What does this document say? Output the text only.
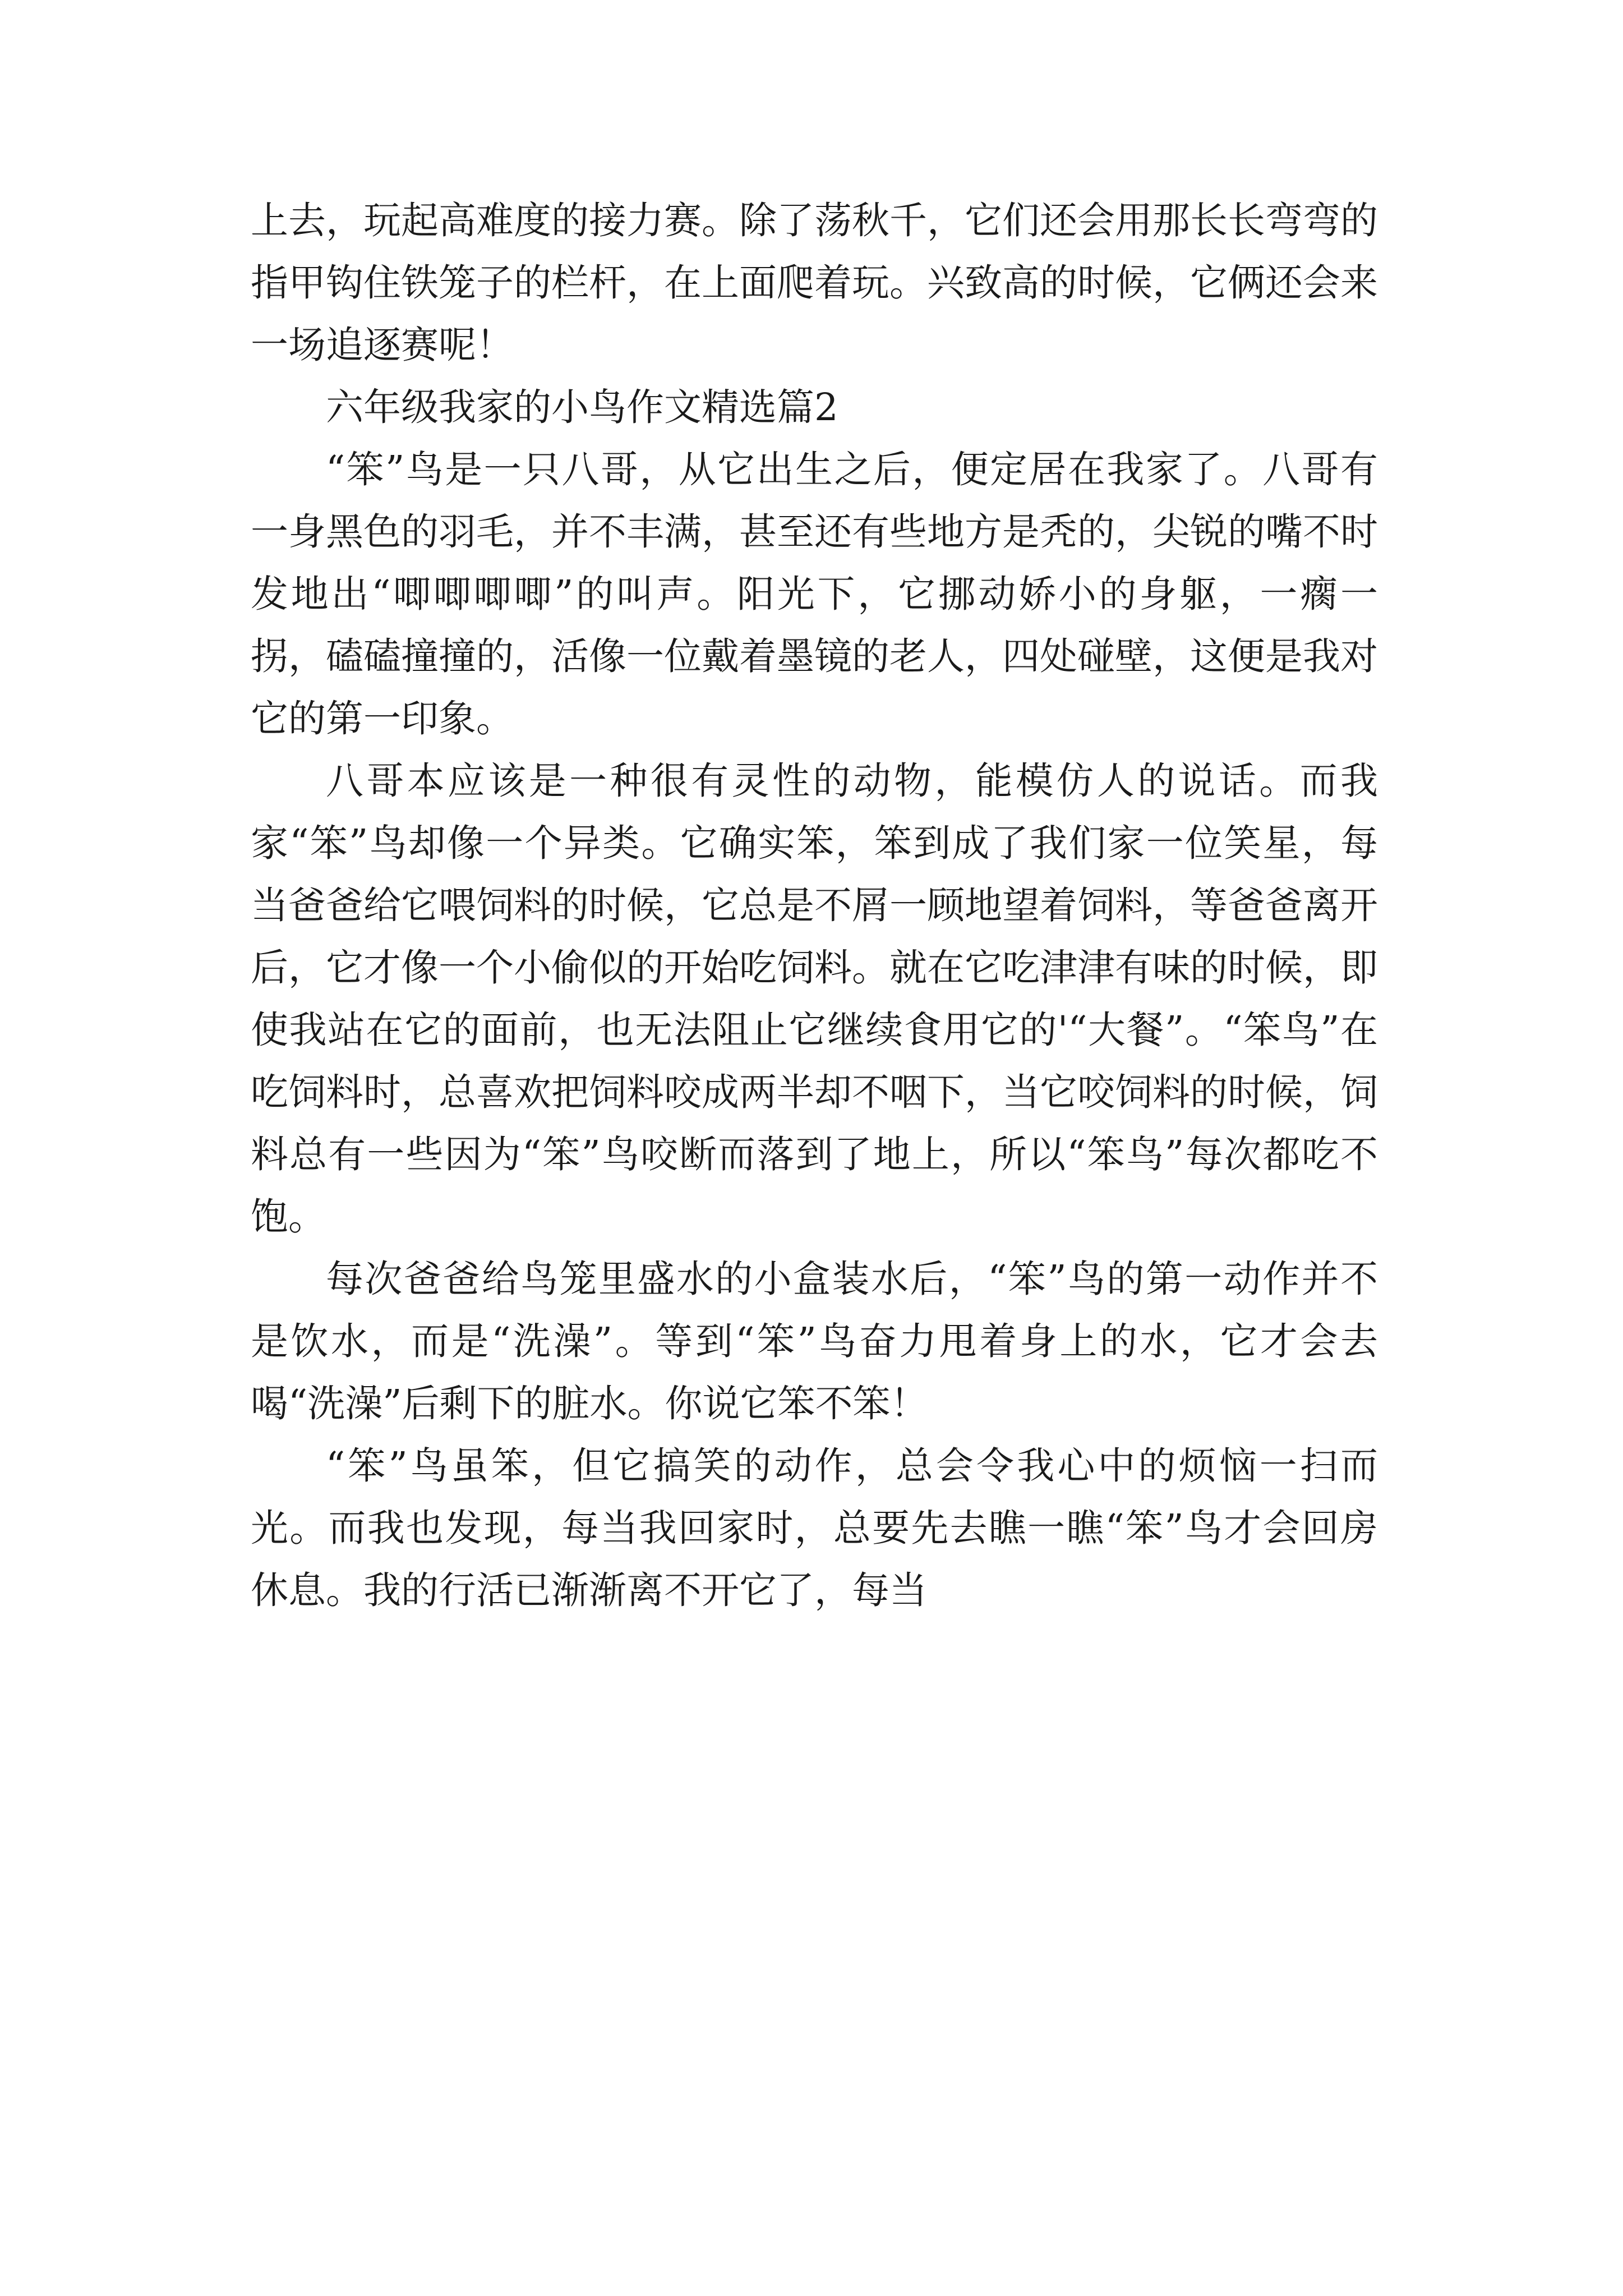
上去，玩起高难度的接力赛。除了荡秋千，它们还会用那长长弯弯的指甲钩住铁笼子的栏杆，在上面爬着玩。兴致高的时候，它俩还会来一场追逐赛呢！

六年级我家的小鸟作文精选篇2

“笨”鸟是一只八哥，从它出生之后，便定居在我家了。八哥有一身黑色的羽毛，并不丰满，甚至还有些地方是秃的，尖锐的嘴不时发地出“唧唧唧唧”的叫声。阳光下，它挪动娇小的身躯，一瘸一拐，磕磕撞撞的，活像一位戴着墨镜的老人，四处碰壁，这便是我对它的第一印象。

八哥本应该是一种很有灵性的动物，能模仿人的说话。而我家“笨”鸟却像一个异类。它确实笨，笨到成了我们家一位笑星，每当爸爸给它喂饲料的时候，它总是不屑一顾地望着饲料，等爸爸离开后，它才像一个小偷似的开始吃饲料。就在它吃津津有味的时候，即使我站在它的面前，也无法阻止它继续食用它的'“大餐”。“笨鸟”在吃饲料时，总喜欢把饲料咬成两半却不咽下，当它咬饲料的时候，饲料总有一些因为“笨”鸟咬断而落到了地上，所以“笨鸟”每次都吃不饱。

每次爸爸给鸟笼里盛水的小盒装水后，“笨”鸟的第一动作并不是饮水，而是“洗澡”。等到“笨”鸟奋力甩着身上的水，它才会去喝“洗澡”后剩下的脏水。你说它笨不笨！

“笨”鸟虽笨，但它搞笑的动作，总会令我心中的烦恼一扫而光。而我也发现，每当我回家时，总要先去瞧一瞧“笨”鸟才会回房休息。我的行活已渐渐离不开它了，每当
